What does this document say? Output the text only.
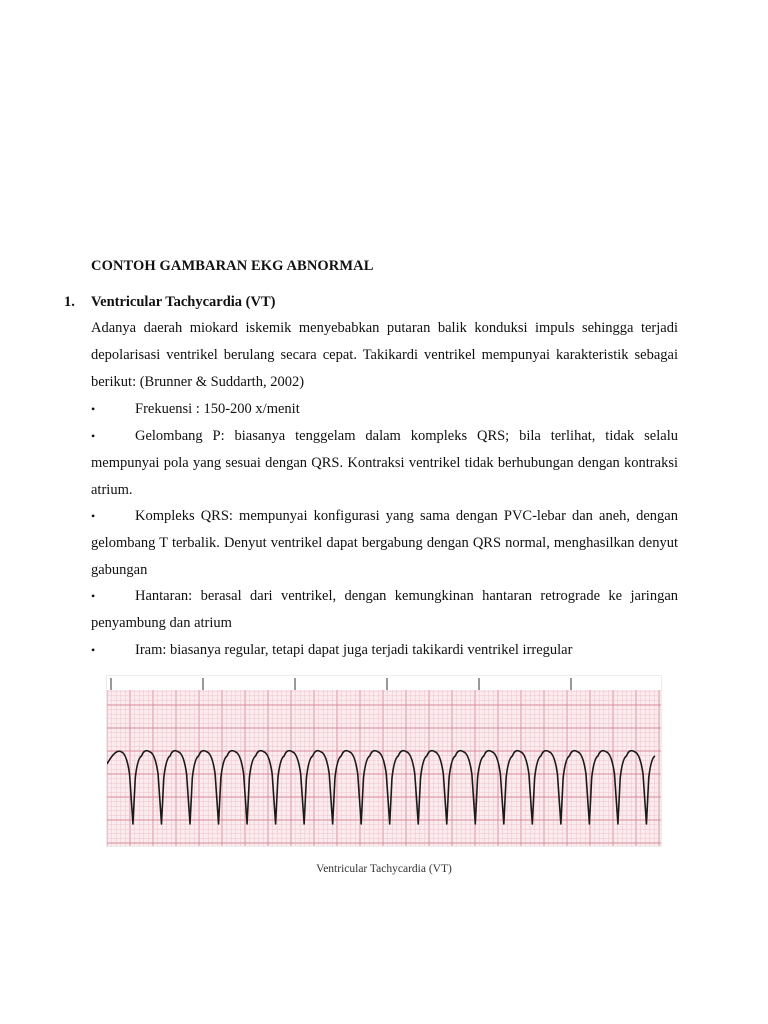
CONTOH GAMBARAN EKG ABNORMAL
1. Ventricular Tachycardia (VT)
Adanya daerah miokard iskemik menyebabkan putaran balik konduksi impuls sehingga terjadi depolarisasi ventrikel berulang secara cepat. Takikardi ventrikel mempunyai karakteristik sebagai berikut: (Brunner & Suddarth, 2002)
•	Frekuensi : 150-200 x/menit
•	Gelombang P: biasanya tenggelam dalam kompleks QRS; bila terlihat, tidak selalu mempunyai pola yang sesuai dengan QRS. Kontraksi ventrikel tidak berhubungan dengan kontraksi atrium.
•	Kompleks QRS: mempunyai konfigurasi yang sama dengan PVC-lebar dan aneh, dengan gelombang T terbalik. Denyut ventrikel dapat bergabung dengan QRS normal, menghasilkan denyut gabungan
•	Hantaran: berasal dari ventrikel, dengan kemungkinan hantaran retrograde ke jaringan penyambung dan atrium
•	Iram: biasanya regular, tetapi dapat juga terjadi takikardi ventrikel irregular
Ventricular Tachycardia (VT)
